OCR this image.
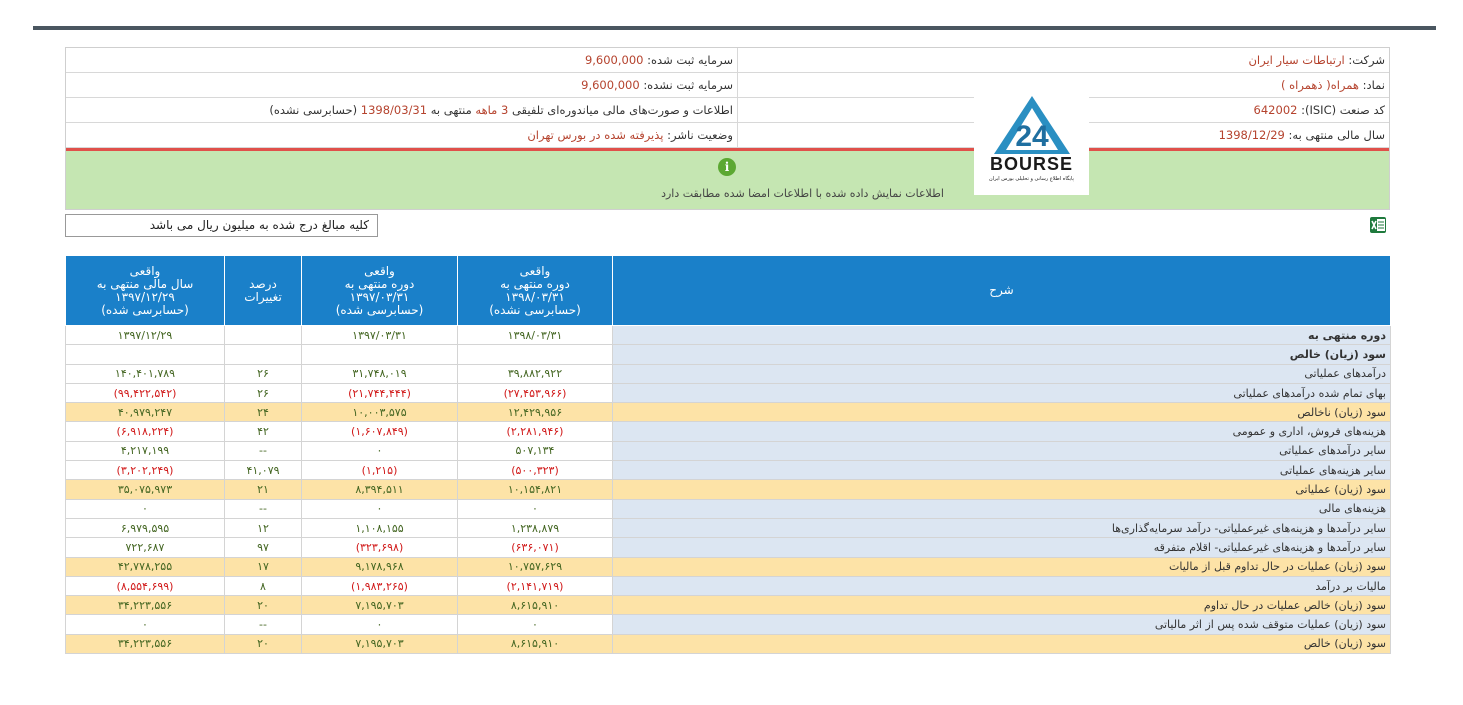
شرکت: ارتباطات سیار ایران
سرمایه ثبت شده: 9,600,000
نماد: همراه( ذهمراه )
سرمایه ثبت نشده: 9,600,000
کد صنعت (ISIC): 642002
اطلاعات و صورت‌های مالی میاندوره‌ای تلفیقی 3 ماهه منتهی به 1398/03/31 (حسابرسی نشده)
سال مالی منتهی به: 1398/12/29
وضعیت ناشر: پذیرفته شده در بورس تهران
i
اطلاعات نمایش داده شده با اطلاعات امضا شده مطابقت دارد
24
BOURSE
پایگاه اطلاع رسانی و تحلیلی بورس ایران
کلیه مبالغ درج شده به میلیون ریال می باشد
شرح	واقعی
دوره منتهی به
۱۳۹۸/۰۳/۳۱
(حسابرسی نشده)	واقعی
دوره منتهی به
۱۳۹۷/۰۳/۳۱
(حسابرسی شده)	درصد
تغییرات	واقعی
سال مالی منتهی به
۱۳۹۷/۱۲/۲۹
(حسابرسی شده)
دوره منتهی به	۱۳۹۸/۰۳/۳۱	۱۳۹۷/۰۳/۳۱		۱۳۹۷/۱۲/۲۹
سود (زیان) خالص				
درآمدهای عملیاتی	۳۹,۸۸۲,۹۲۲	۳۱,۷۴۸,۰۱۹	۲۶	۱۴۰,۴۰۱,۷۸۹
بهای تمام شده درآمدهای عملیاتی	(۲۷,۴۵۳,۹۶۶)	(۲۱,۷۴۴,۴۴۴)	۲۶	(۹۹,۴۲۲,۵۴۲)
سود (زیان) ناخالص	۱۲,۴۲۹,۹۵۶	۱۰,۰۰۳,۵۷۵	۲۴	۴۰,۹۷۹,۲۴۷
هزینه‌های فروش، اداری و عمومی	(۲,۲۸۱,۹۴۶)	(۱,۶۰۷,۸۴۹)	۴۲	(۶,۹۱۸,۲۲۴)
سایر درآمدهای عملیاتی	۵۰۷,۱۳۴	۰	--	۴,۲۱۷,۱۹۹
سایر هزینه‌های عملیاتی	(۵۰۰,۳۲۳)	(۱,۲۱۵)	۴۱,۰۷۹	(۳,۲۰۲,۲۴۹)
سود (زیان) عملیاتی	۱۰,۱۵۴,۸۲۱	۸,۳۹۴,۵۱۱	۲۱	۳۵,۰۷۵,۹۷۳
هزینه‌های مالی	۰	۰	--	۰
سایر درآمدها و هزینه‌های غیرعملیاتی- درآمد سرمایه‌گذاری‌ها	۱,۲۳۸,۸۷۹	۱,۱۰۸,۱۵۵	۱۲	۶,۹۷۹,۵۹۵
سایر درآمدها و هزینه‌های غیرعملیاتی- اقلام متفرقه	(۶۳۶,۰۷۱)	(۳۲۳,۶۹۸)	۹۷	۷۲۲,۶۸۷
سود (زیان) عملیات در حال تداوم قبل از مالیات	۱۰,۷۵۷,۶۲۹	۹,۱۷۸,۹۶۸	۱۷	۴۲,۷۷۸,۲۵۵
مالیات بر درآمد	(۲,۱۴۱,۷۱۹)	(۱,۹۸۳,۲۶۵)	۸	(۸,۵۵۴,۶۹۹)
سود (زیان) خالص عملیات در حال تداوم	۸,۶۱۵,۹۱۰	۷,۱۹۵,۷۰۳	۲۰	۳۴,۲۲۳,۵۵۶
سود (زیان) عملیات متوقف شده پس از اثر مالیاتی	۰	۰	--	۰
سود (زیان) خالص	۸,۶۱۵,۹۱۰	۷,۱۹۵,۷۰۳	۲۰	۳۴,۲۲۳,۵۵۶
